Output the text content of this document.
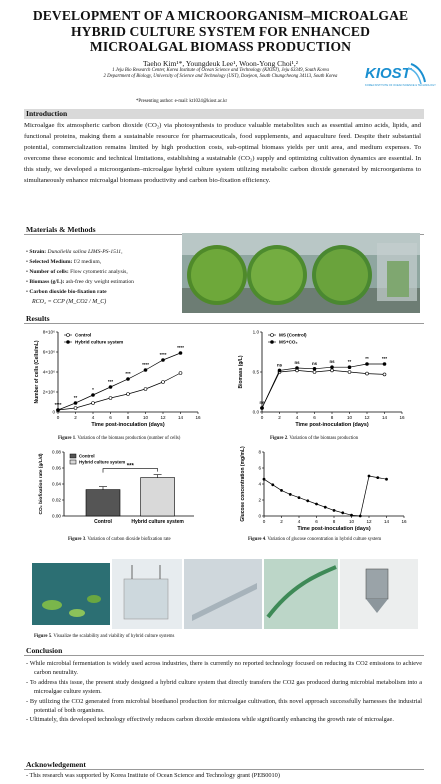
DEVELOPMENT OF A MICROORGANISM–MICROALGAE
HYBRID CULTURE SYSTEM FOR ENHANCED
MICROALGAL BIOMASS PRODUCTION
Taeho Kim¹*, Youngdeuk Lee¹, Woon-Yong Choi¹,²
1 Jeju Bio Research Center, Korea Institute of Ocean Science and Technology (KIOST), Jeju 63349, South Korea
2 Department of Biology, University of Science and Technology (UST), Daejeon, South Chungcheong 34113, South Korea
*Presenting author: e-mail: kt1024@kiost.ac.kr
KIOST
KOREA INSTITUTE OF OCEAN SCIENCE & TECHNOLOGY
Introduction
Microalgae fix atmospheric carbon dioxide (CO₂) via photosynthesis to produce valuable metabolites such as essential amino acids, lipids, and functional proteins, making them a sustainable resource for pharmaceuticals, food supplements, and aquaculture feed. Despite their substantial potential, commercialization remains limited by high production costs, sub-optimal biomass yields per unit area, and medium expenses. To overcome these economic and technical limitations, establishing a sustainable (CO₂) supply and optimizing cultivation dynamics are essential. In this study, we developed a microorganism–microalgae hybrid culture system utilizing metabolic carbon dioxide generated by microorganisms to simultaneously enhance microalgal biomass productivity and carbon bio-fixation efficiency.
Materials & Methods
• Strain: Dunaliella salina LIMS-PS-1511,
• Selected Medium: f/2 medium,
• Number of cells: Flow cytometric analysis,
• Biomass (g/L): ash-free dry weight estimation
• Carbon dioxide bio-fixation rate
RCO₂ = CCP (M_CO2 / M_C)
Results
0	2	4	6	8	10	12	14	16
0
2×10⁶
4×10⁶
6×10⁶
8×10⁶
Time post-inoculation (days)
Number of cells (Cells/mL)
****
**
*
***
***
****
****
****
Control
Hybrid culture system
Figure 1. Variation of the biomass production (number of cells)
0	2	4	6	8	10	12	14	16
0.0
0.5
1.0
Time post-inoculation (days)
Biomass (g/L)
ns
ns	ns	ns	ns	**
**	***
MS (Control)
MS+CO₂
Figure 2. Variation of the biomass production
0.00
0.02
0.04
0.06
0.08
CO₂ biofixation rate (g/L/d)
Control
Control
Hybrid culture system
Hybrid culture system
***
Figure 3. Variation of carbon dioxide biofixation rate
0	2	4	6	8	10	12	14	16
0
2
4
6
8
Time post-inoculation (days)
Glucose concentration (mg/mL)
Figure 4. Variation of glucose concentration in hybrid culture system
Figure 5. Visualize the scalability and viability of hybrid culture systems
Conclusion
- While microbial fermentation is widely used across industries, there is currently no reported technology focused on reducing its CO2 emissions to achieve carbon neutrality.
- To address this issue, the present study designed a hybrid culture system that directly transfers the CO2 gas produced during microbial metabolism into a microalgae culture system.
- By utilizing the CO2 generated from microbial bioethanol production for microalgae cultivation, this novel approach successfully harnesses the industrial potential of both organisms.
- Ultimately, this developed technology effectively reduces carbon dioxide emissions while significantly enhancing the growth rate of microalgae.
Acknowledgement
- This research was supported by Korea Institute of Ocean Science and Technology grant (PEB0010)
